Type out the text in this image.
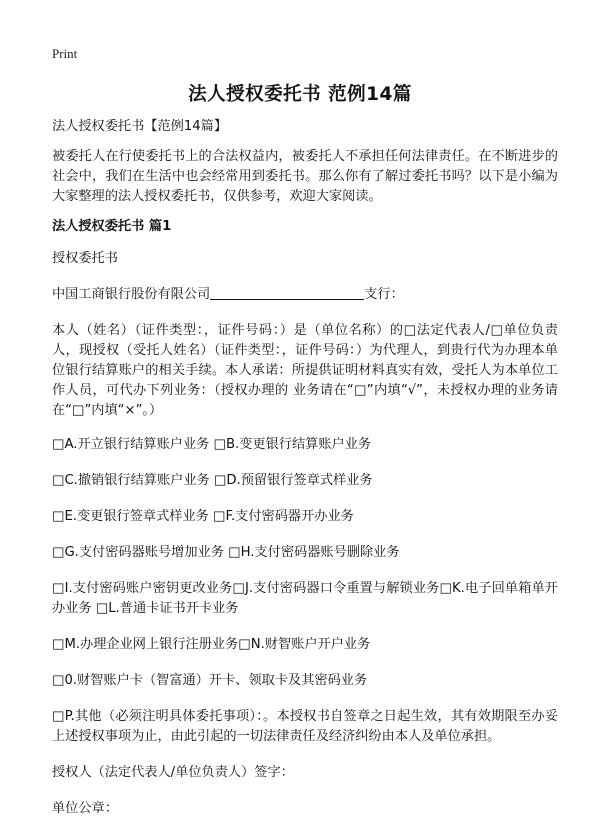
Print
法人授权委托书 范例14篇

法人授权委托书【范例14篇】

被委托人在行使委托书上的合法权益内，被委托人不承担任何法律责任。在不断进步的社会中，我们在生活中也会经常用到委托书。那么你有了解过委托书吗？以下是小编为大家整理的法人授权委托书，仅供参考，欢迎大家阅读。

法人授权委托书 篇1

授权委托书

中国工商银行股份有限公司	支行：

本人（姓名）（证件类型：，证件号码：）是（单位名称）的□法定代表人/□单位负责人，现授权（受托人姓名）（证件类型：，证件号码：）为代理人，到贵行代为办理本单位银行结算账户的相关手续。本人承诺：所提供证明材料真实有效，受托人为本单位工作人员，可代办下列业务：（授权办理的 业务请在“□”内填“√”，未授权办理的业务请在“□”内填“×”。）

□A.开立银行结算账户业务 □B.变更银行结算账户业务

□C.撤销银行结算账户业务 □D.预留银行签章式样业务

□E.变更银行签章式样业务 □F.支付密码器开办业务

□G.支付密码器账号增加业务 □H.支付密码器账号删除业务

□I.支付密码账户密钥更改业务□J.支付密码器口令重置与解锁业务□K.电子回单箱单开办业务 □L.普通卡证书开卡业务

□M.办理企业网上银行注册业务□N.财智账户开户业务

□0.财智账户卡（智富通）开卡、领取卡及其密码业务

□P.其他（必须注明具体委托事项）：。本授权书自签章之日起生效，其有效期限至办妥上述授权事项为止，由此引起的一切法律责任及经济纠纷由本人及单位承担。

授权人（法定代表人/单位负责人）签字：

单位公章：
